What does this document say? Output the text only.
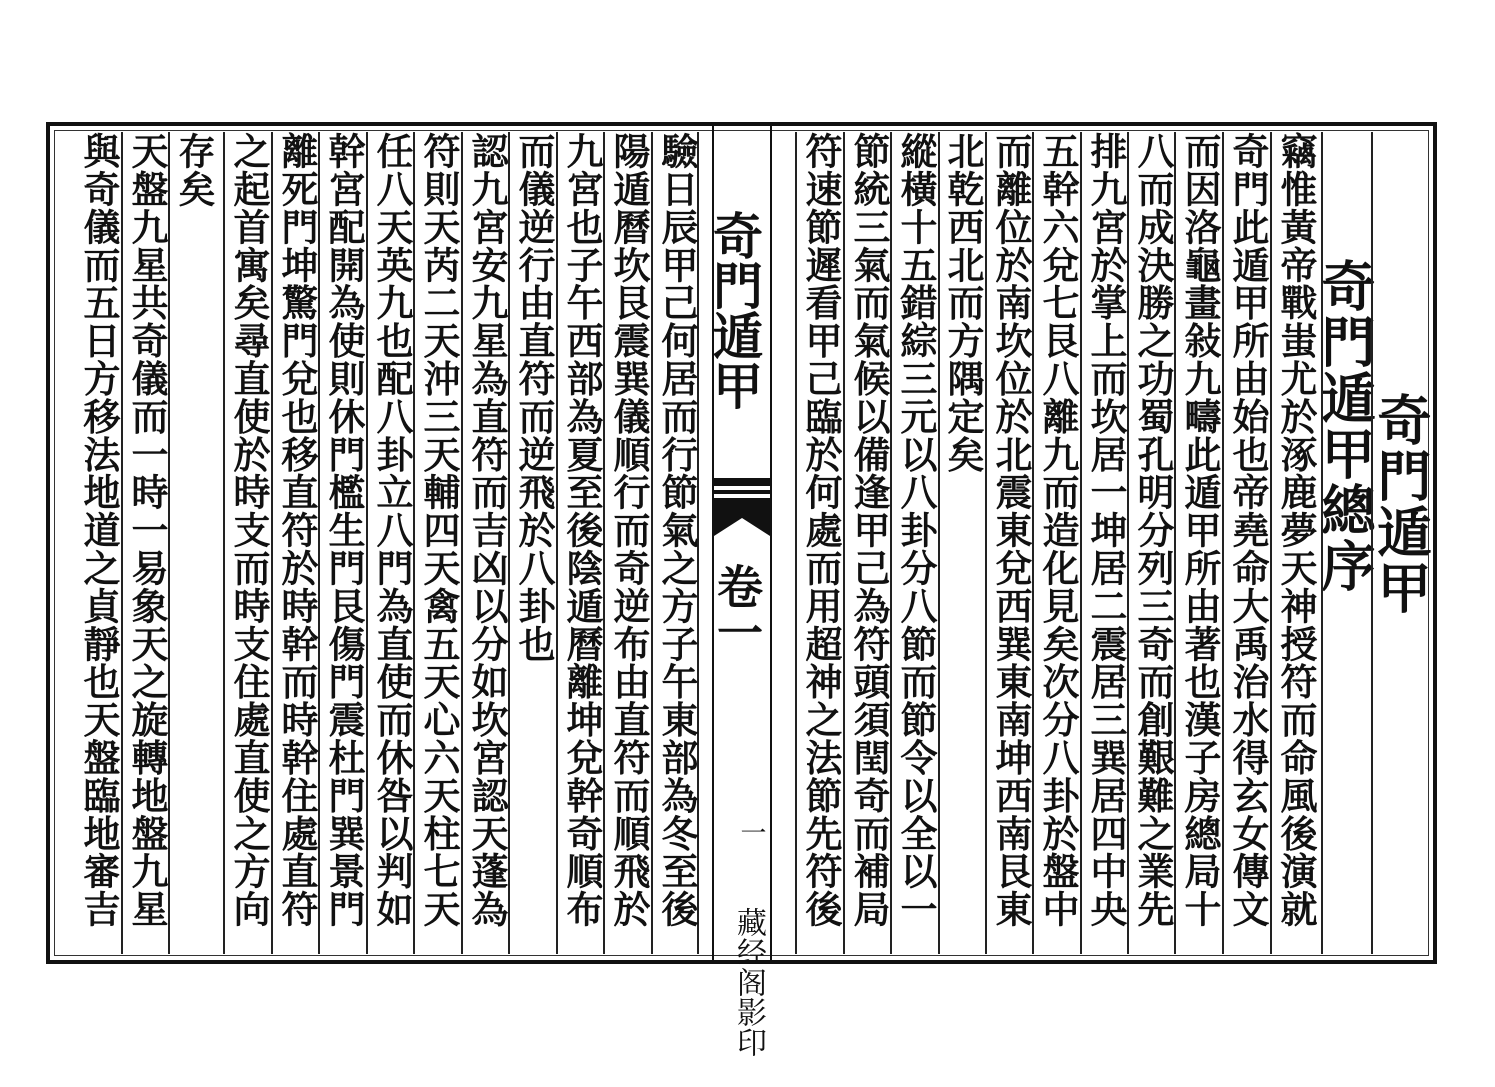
奇門遁甲
奇門遁甲總序
竊惟黃帝戰蚩尤於涿鹿夢天神授符而命風後演就
奇門此遁甲所由始也帝堯命大禹治水得玄女傳文
而因洛龜畫敍九疇此遁甲所由著也漢子房總局十
八而成決勝之功蜀孔明分列三奇而創艱難之業先
排九宮於掌上而坎居一坤居二震居三巽居四中央
五幹六兌七艮八離九而造化見矣次分八卦於盤中
而離位於南坎位於北震東兌西巽東南坤西南艮東
北乾西北而方隅定矣
縱橫十五錯綜三元以八卦分八節而節令以全以一
節統三氣而氣候以備逢甲己為符頭須閏奇而補局
符速節遲看甲己臨於何處而用超神之法節先符後
奇門遁甲
卷一
一
藏经阁影印
驗日辰甲己何居而行節氣之方子午東部為冬至後
陽遁曆坎艮震巽儀順行而奇逆布由直符而順飛於
九宮也子午西部為夏至後陰遁曆離坤兌幹奇順布
而儀逆行由直符而逆飛於八卦也
認九宮安九星為直符而吉凶以分如坎宮認天蓬為
符則天芮二天沖三天輔四天禽五天心六天柱七天
任八天英九也配八卦立八門為直使而休咎以判如
幹宮配開為使則休門檻生門艮傷門震杜門巽景門
離死門坤驚門兌也移直符於時幹而時幹住處直符
之起首寓矣尋直使於時支而時支住處直使之方向
存矣
天盤九星共奇儀而一時一易象天之旋轉地盤九星
與奇儀而五日方移法地道之貞靜也天盤臨地審吉
